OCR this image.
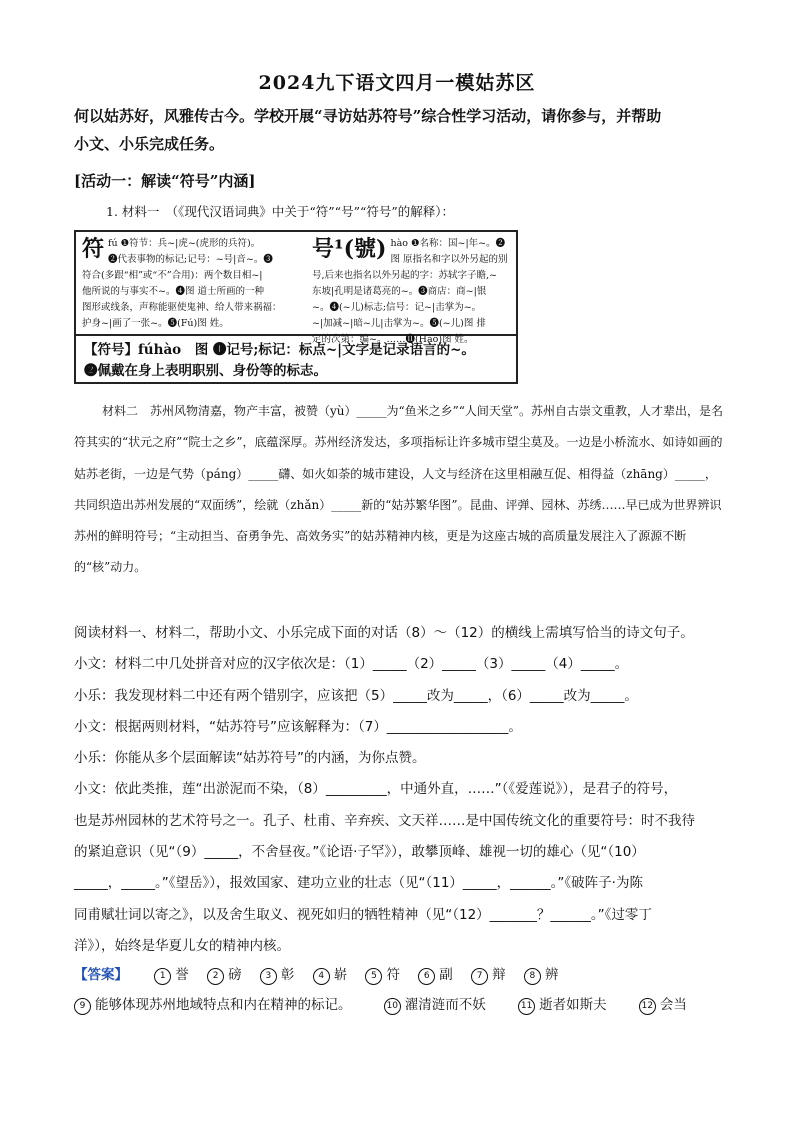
2024九下语文四月一模姑苏区

何以姑苏好，风雅传古今。学校开展“寻访姑苏符号”综合性学习活动，请你参与，并帮助

小文、小乐完成任务。

[活动一：解读“符号”内涵]
1. 材料一　（《现代汉语词典》中关于“符”“号”“符号”的解释）：
符 fú ❶符节：兵~|虎~(虎形的兵符)。
❷代表事物的标记;记号：~号|音~。❸
符合(多跟“相”或“不”合用)：两个数目相~|
他所说的与事实不~。❹图 道士所画的一种
图形或线条，声称能驱使鬼神、给人带来祸福：
护身~|画了一张~。❺(Fú)图 姓。
号¹(號) hào ❶名称：国~|年~。❷
图 原指名和字以外另起的别
号,后来也指名以外另起的字：苏轼字子瞻,~
东坡|孔明是诸葛亮的~。❸商店：商~|银
~。❹(~儿)标志;信号：记~|击掌为~。
~|加减~|暗~儿|击掌为~。❺(~儿)图 排
定的次第：编~。……⓫(Hào)图 姓。
【符号】fúhào　图 ❶记号;标记：标点~|文字是记录语言的~。
❷佩戴在身上表明职别、身份等的标志。

材料二　苏州风物清嘉，物产丰富，被赞（yù）_____为“鱼米之乡”“人间天堂”。苏州自古崇文重教，人才辈出，是名符其实的“状元之府”“院士之乡”，底蕴深厚。苏州经济发达，多项指标让许多城市望尘莫及。一边是小桥流水、如诗如画的姑苏老街，一边是气势（páng）_____礴、如火如荼的城市建设，人文与经济在这里相融互促、相得益（zhāng）_____，共同织造出苏州发展的“双面绣”，绘就（zhǎn）_____新的“姑苏繁华图”。昆曲、评弹、园林、苏绣……早已成为世界辨识苏州的鲜明符号；“主动担当、奋勇争先、高效务实”的姑苏精神内核，更是为这座古城的高质量发展注入了源源不断的“核”动力。

阅读材料一、材料二，帮助小文、小乐完成下面的对话（8）～（12）的横线上需填写恰当的诗文句子。

小文：材料二中几处拼音对应的汉字依次是：（1）_____（2）_____（3）_____（4）_____。

小乐：我发现材料二中还有两个错别字，应该把（5）_____改为_____，（6）_____改为_____。

小文：根据两则材料，“姑苏符号”应该解释为：（7）__________________。

小乐：你能从多个层面解读“姑苏符号”的内涵，为你点赞。

小文：依此类推，莲“出淤泥而不染，（8）_________，中通外直，……”（《爱莲说》），是君子的符号，

也是苏州园林的艺术符号之一。孔子、杜甫、辛弃疾、文天祥……是中国传统文化的重要符号：时不我待

的紧迫意识（见“（9）_____，不舍昼夜。”《论语·子罕》），敢攀顶峰、雄视一切的雄心（见“（10）

_____，_____。”《望岳》），报效国家、建功立业的壮志（见“（11）_____，______。”《破阵子·为陈

同甫赋壮词以寄之》，以及舍生取义、视死如归的牺牲精神（见“（12）_______？______。”《过零丁

洋》），始终是华夏儿女的精神内核。

【答案】	1 誉	2 磅	3 彰	4 崭	5 符	6 副	7 辩	8 辨
9 能够体现苏州地域特点和内在精神的标记。	10 濯清涟而不妖	11 逝者如斯夫	12 会当
